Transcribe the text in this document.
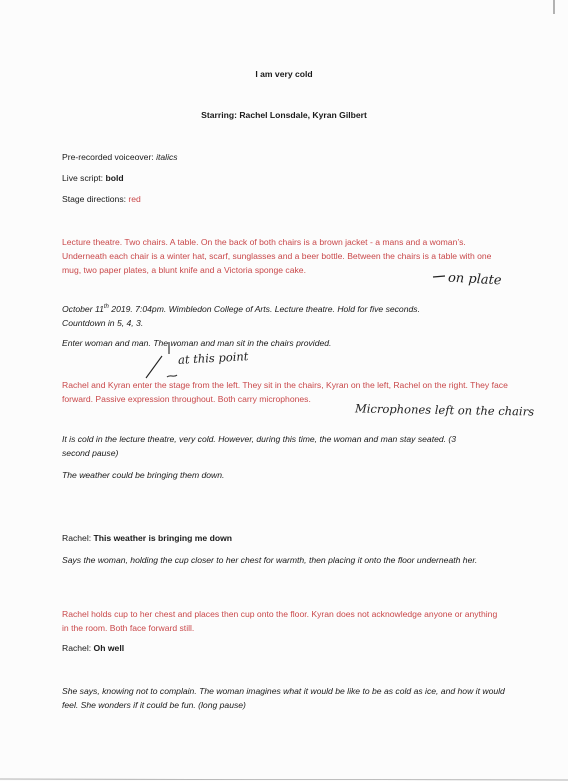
I am very cold
Starring: Rachel Lonsdale, Kyran Gilbert
Pre-recorded voiceover: italics
Live script: bold
Stage directions: red
Lecture theatre. Two chairs. A table. On the back of both chairs is a brown jacket - a mans and a woman’s. Underneath each chair is a winter hat, scarf, sunglasses and a beer bottle. Between the chairs is a table with one mug, two paper plates, a blunt knife and a Victoria sponge cake.
October 11th 2019. 7:04pm. Wimbledon College of Arts. Lecture theatre. Hold for five seconds.
Countdown in 5, 4, 3.
Enter woman and man. The woman and man sit in the chairs provided.
Rachel and Kyran enter the stage from the left. They sit in the chairs, Kyran on the left, Rachel on the right. They face forward. Passive expression throughout. Both carry microphones.
It is cold in the lecture theatre, very cold. However, during this time, the woman and man stay seated. (3 second pause)
The weather could be bringing them down.
Rachel: This weather is bringing me down
Says the woman, holding the cup closer to her chest for warmth, then placing it onto the floor underneath her.
Rachel holds cup to her chest and places then cup onto the floor. Kyran does not acknowledge anyone or anything in the room. Both face forward still.
Rachel: Oh well
She says, knowing not to complain. The woman imagines what it would be like to be as cold as ice, and how it would feel. She wonders if it could be fun. (long pause)
on plate
at this point
Microphones left on the chairs
